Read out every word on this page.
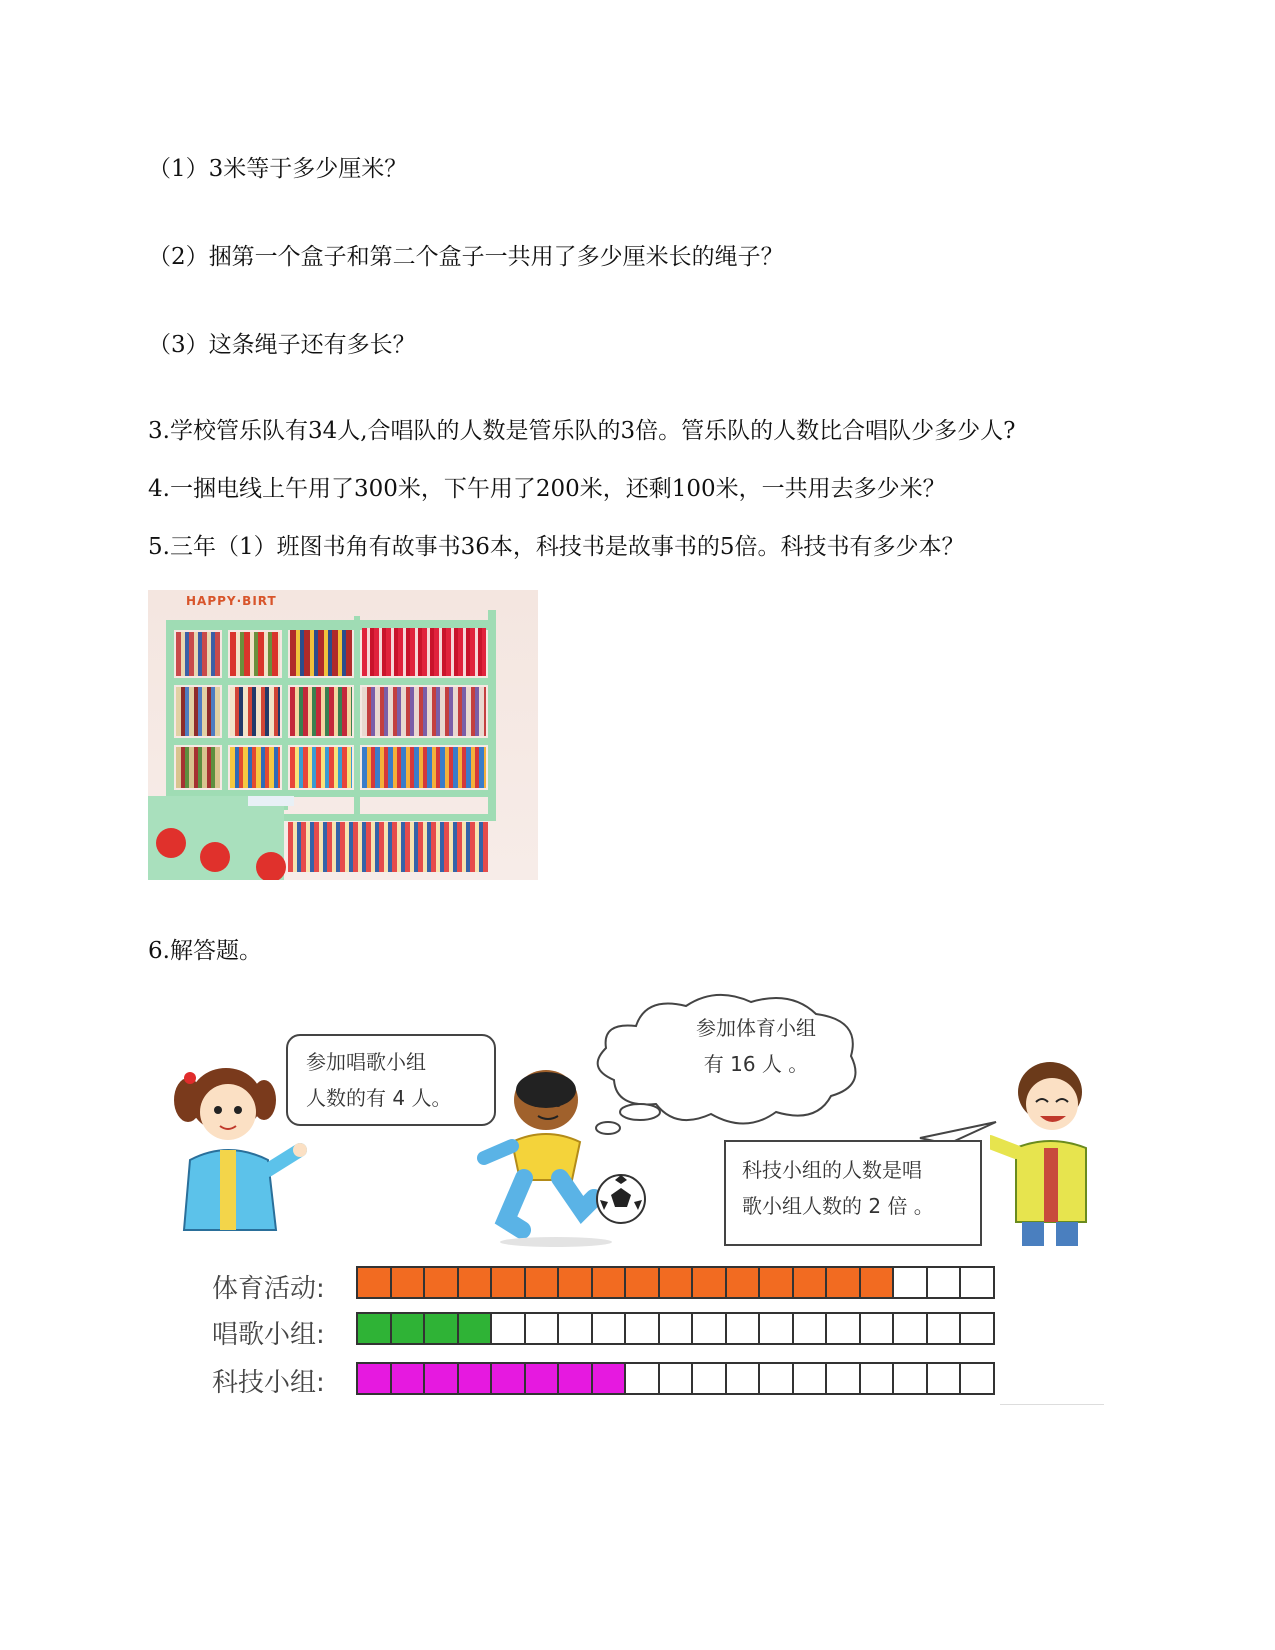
（1）3米等于多少厘米？
（2）捆第一个盒子和第二个盒子一共用了多少厘米长的绳子？
（3）这条绳子还有多长？
3.学校管乐队有34人,合唱队的人数是管乐队的3倍。管乐队的人数比合唱队少多少人?
4.一捆电线上午用了300米，下午用了200米，还剩100米，一共用去多少米？
5.三年（1）班图书角有故事书36本，科技书是故事书的5倍。科技书有多少本？
HAPPY·BIRT
6.解答题。
参加唱歌小组
人数的有 4 人。
参加体育小组
有 16 人 。
科技小组的人数是唱
歌小组人数的 2 倍 。
体育活动:
唱歌小组:
科技小组:
